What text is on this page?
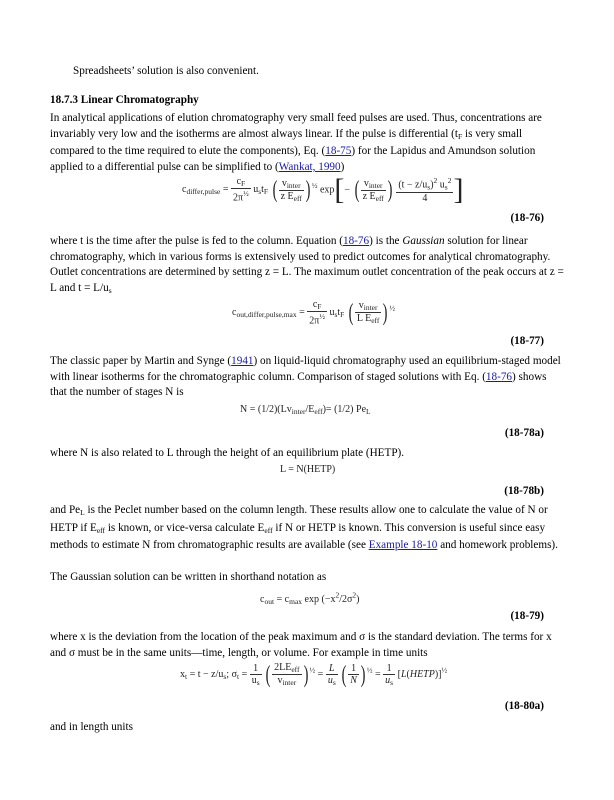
Spreadsheets’ solution is also convenient.

18.7.3 Linear Chromatography

In analytical applications of elution chromatography very small feed pulses are used. Thus, concentrations are invariably very low and the isotherms are almost always linear. If the pulse is differential ($t_F$ is very small compared to the time required to elute the components), Eq. (18-75) for the Lapidus and Amundson solution applied to a differential pulse can be simplified to (Wankat, 1990)

$c_{differ,pulse} = \frac{c_F}{2\pi^{\frac{1}{2}}} u_st_F$ ( $\frac{v_{inter}}{z E_{eff}}$ ) $^{\frac{1}{2}}$ exp[− ( $\frac{v_{inter}}{z E_{eff}}$ ) $\frac{(t - z/u_s)^2 u_s^2}{4}$ ]
(18-76)

where t is the time after the pulse is fed to the column. Equation (18-76) is the Gaussian solution for linear chromatography, which in various forms is extensively used to predict outcomes for analytical chromatography. Outlet concentrations are determined by setting z = L. The maximum outlet concentration of the peak occurs at z = L and $t = L/u_s$

$c_{out,differ,pulse,max} = \frac{c_F}{2\pi^{\frac{1}{2}}} u_st_F$ ( $\frac{v_{inter}}{L E_{eff}}$ ) $^{\frac{1}{2}}$
(18-77)

The classic paper by Martin and Synge (1941) on liquid-liquid chromatography used an equilibrium-staged model with linear isotherms for the chromatographic column. Comparison of staged solutions with Eq. (18-76) shows that the number of stages N is

$N = (1/2)(Lv_{inter}/E_{eff})= (1/2)$ $Pe_L$
(18-78a)

where N is also related to L through the height of an equilibrium plate (HETP).

L = N(HETP)
(18-78b)

and $Pe_L$ is the Peclet number based on the column length. These results allow one to calculate the value of N or HETP if $E_{eff}$ is known, or vice-versa calculate $E_{eff}$ if N or HETP is known. This conversion is useful since easy methods to estimate N from chromatographic results are available (see Example 18-10 and homework problems).

The Gaussian solution can be written in shorthand notation as

$c_{out} = c_{max}$ $\exp (-x^2/2\sigma^2)$
(18-79)

where x is the deviation from the location of the peak maximum and σ is the standard deviation. The terms for x and σ must be in the same units—time, length, or volume. For example in time units

$x_t = t - z/u_s$; $\sigma_t = \frac{1}{u_s}$ ( $\frac{2LE_{eff}}{v_{inter}}$ ) $^{\frac{1}{2}} = \frac{L}{u_s}$ ( $\frac{1}{N}$ ) $^{\frac{1}{2}} = \frac{1}{u_s}$ [L(HETP)]$^{\frac{1}{2}}$
(18-80a)

and in length units
